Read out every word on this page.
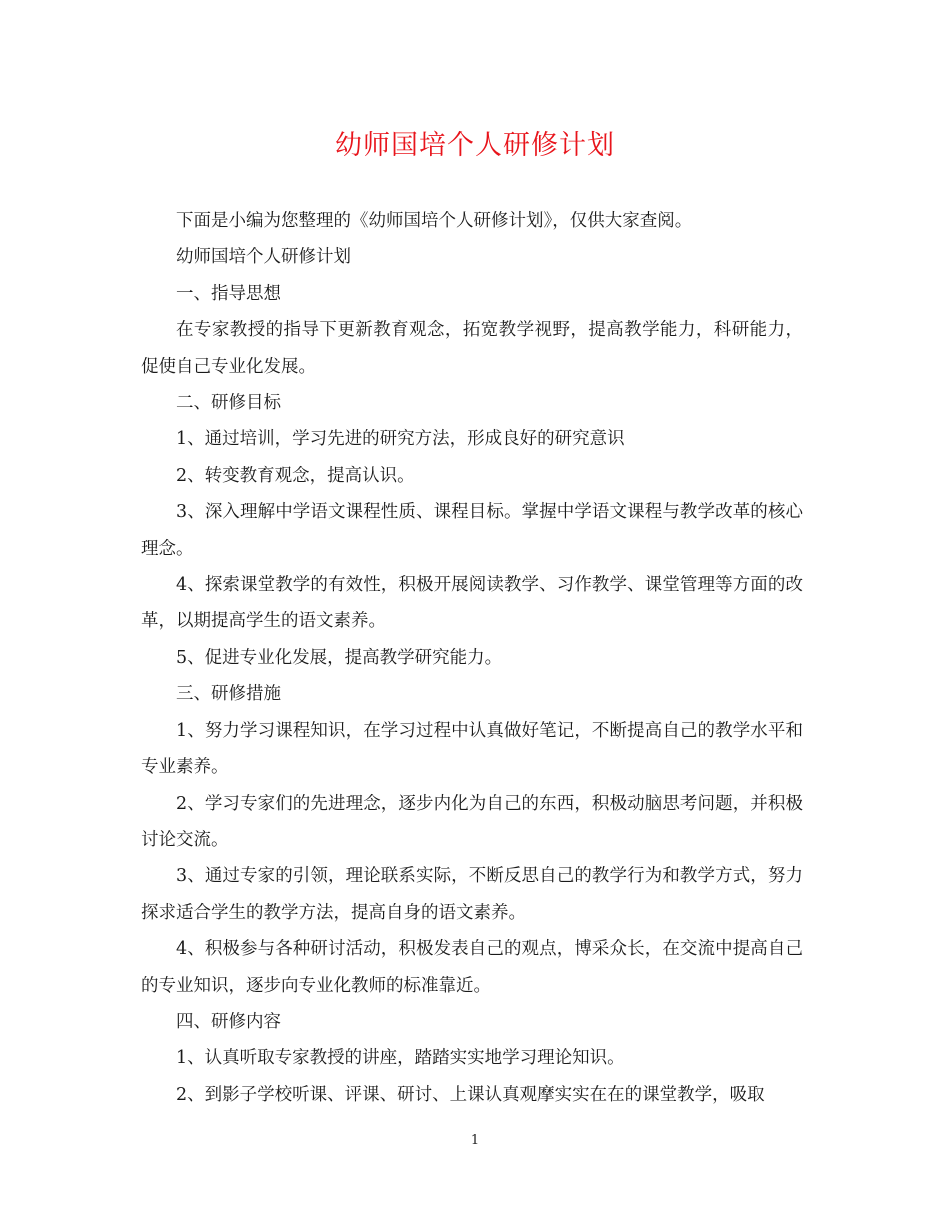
幼师国培个人研修计划

下面是小编为您整理的《幼师国培个人研修计划》，仅供大家查阅。

幼师国培个人研修计划

一、指导思想

在专家教授的指导下更新教育观念，拓宽教学视野，提高教学能力，科研能力，促使自己专业化发展。

二、研修目标

1、通过培训，学习先进的研究方法，形成良好的研究意识

2、转变教育观念，提高认识。

3、深入理解中学语文课程性质、课程目标。掌握中学语文课程与教学改革的核心理念。

4、探索课堂教学的有效性，积极开展阅读教学、习作教学、课堂管理等方面的改革，以期提高学生的语文素养。

5、促进专业化发展，提高教学研究能力。

三、研修措施

1、努力学习课程知识，在学习过程中认真做好笔记，不断提高自己的教学水平和专业素养。

2、学习专家们的先进理念，逐步内化为自己的东西，积极动脑思考问题，并积极讨论交流。

3、通过专家的引领，理论联系实际，不断反思自己的教学行为和教学方式，努力探求适合学生的教学方法，提高自身的语文素养。

4、积极参与各种研讨活动，积极发表自己的观点，博采众长，在交流中提高自己的专业知识，逐步向专业化教师的标准靠近。

四、研修内容

1、认真听取专家教授的讲座，踏踏实实地学习理论知识。

2、到影子学校听课、评课、研讨、上课认真观摩实实在在的课堂教学，吸取

1
